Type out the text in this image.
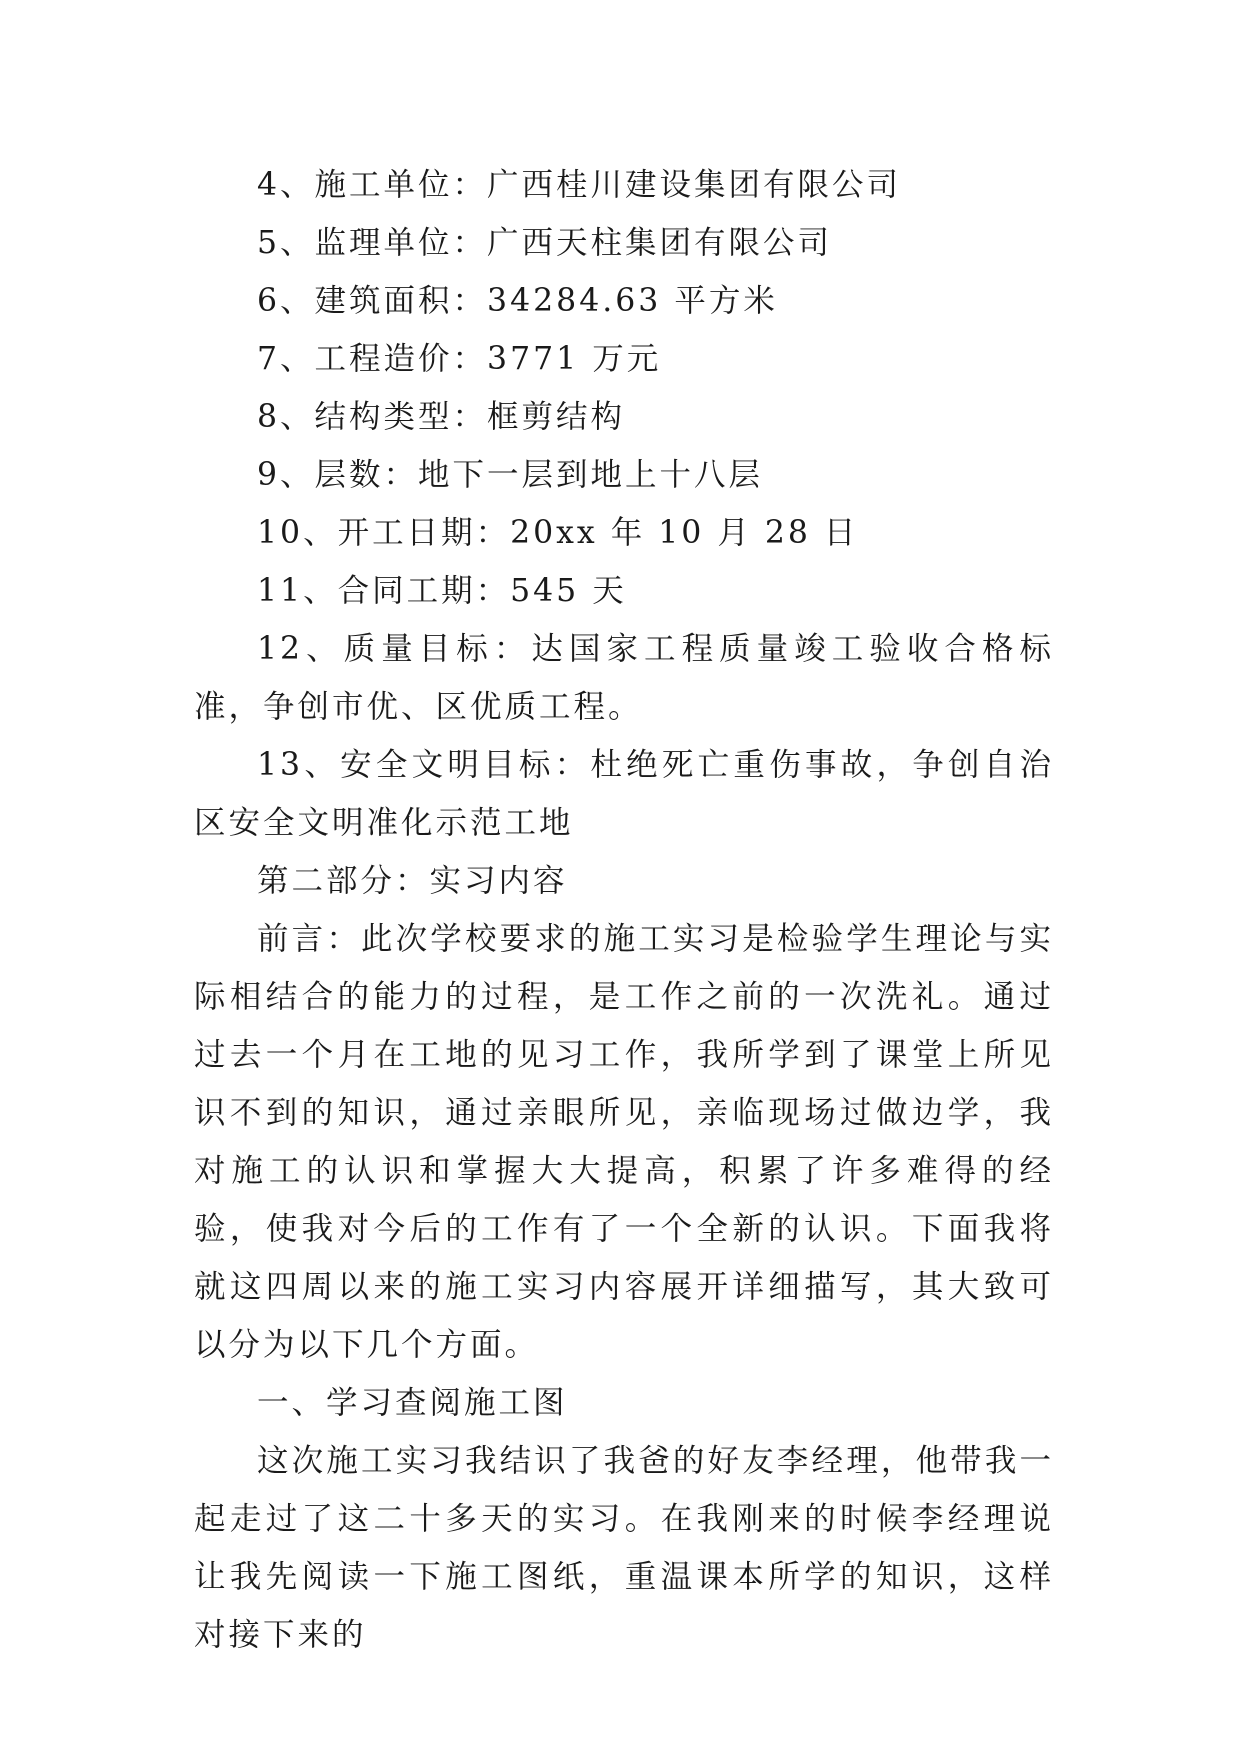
4、施工单位：广西桂川建设集团有限公司

5、监理单位：广西天柱集团有限公司

6、建筑面积：34284.63 平方米

7、工程造价：3771 万元

8、结构类型：框剪结构

9、层数：地下一层到地上十八层

10、开工日期：20xx 年 10 月 28 日

11、合同工期：545 天

12、质量目标：达国家工程质量竣工验收合格标准，争创市优、区优质工程。

13、安全文明目标：杜绝死亡重伤事故，争创自治区安全文明准化示范工地

第二部分：实习内容

前言：此次学校要求的施工实习是检验学生理论与实际相结合的能力的过程，是工作之前的一次洗礼。通过过去一个月在工地的见习工作，我所学到了课堂上所见识不到的知识，通过亲眼所见，亲临现场过做边学，我对施工的认识和掌握大大提高，积累了许多难得的经验，使我对今后的工作有了一个全新的认识。下面我将就这四周以来的施工实习内容展开详细描写，其大致可以分为以下几个方面。

一、学习查阅施工图

这次施工实习我结识了我爸的好友李经理，他带我一起走过了这二十多天的实习。在我刚来的时候李经理说让我先阅读一下施工图纸，重温课本所学的知识，这样对接下来的
